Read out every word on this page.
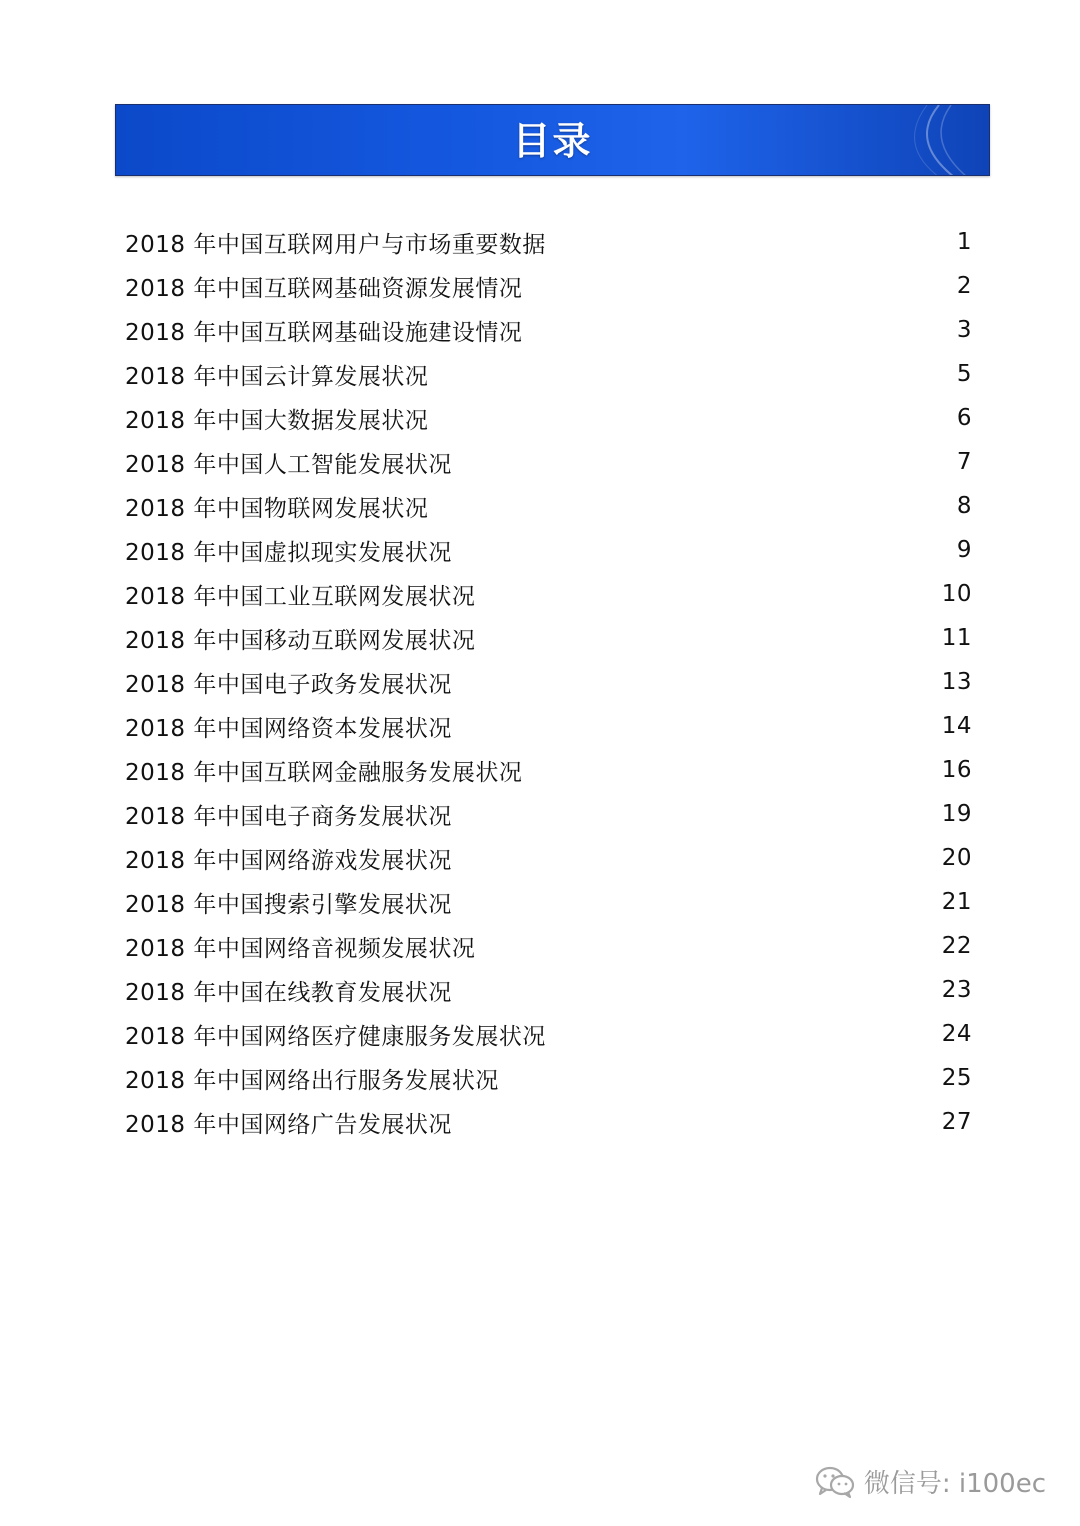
目录
2018 年中国互联网用户与市场重要数据	1
2018 年中国互联网基础资源发展情况	2
2018 年中国互联网基础设施建设情况	3
2018 年中国云计算发展状况	5
2018 年中国大数据发展状况	6
2018 年中国人工智能发展状况	7
2018 年中国物联网发展状况	8
2018 年中国虚拟现实发展状况	9
2018 年中国工业互联网发展状况	10
2018 年中国移动互联网发展状况	11
2018 年中国电子政务发展状况	13
2018 年中国网络资本发展状况	14
2018 年中国互联网金融服务发展状况	16
2018 年中国电子商务发展状况	19
2018 年中国网络游戏发展状况	20
2018 年中国搜索引擎发展状况	21
2018 年中国网络音视频发展状况	22
2018 年中国在线教育发展状况	23
2018 年中国网络医疗健康服务发展状况	24
2018 年中国网络出行服务发展状况	25
2018 年中国网络广告发展状况	27
微信号: i100ec
